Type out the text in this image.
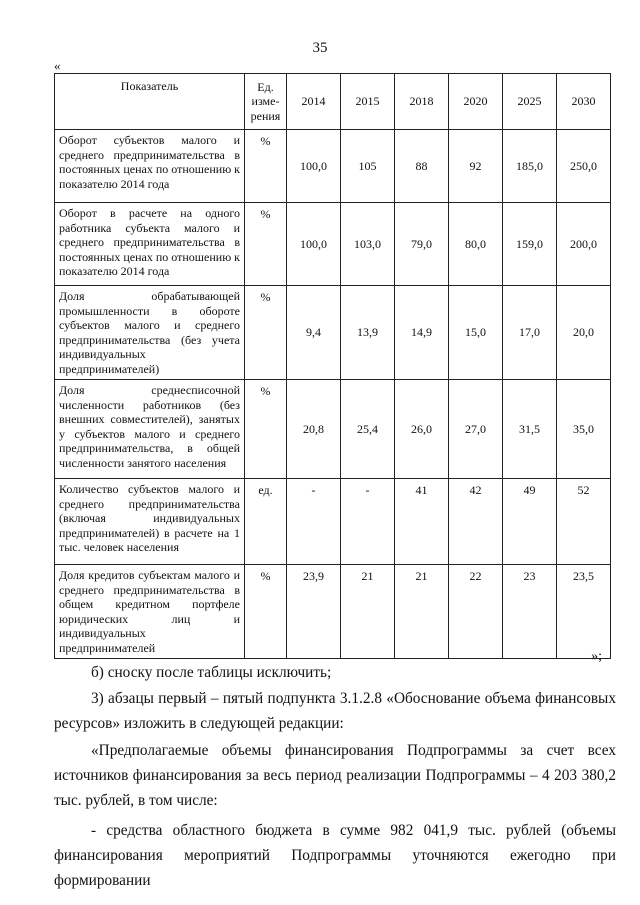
35
«
Показатель	Ед. изме-рения	2014	2015	2018	2020	2025	2030
Оборот субъектов малого и среднего предпринимательства в постоянных ценах по отношению к показателю 2014 года	%	100,0	105	88	92	185,0	250,0
Оборот в расчете на одного работника субъекта малого и среднего предпринимательства в постоянных ценах по отношению к показателю 2014 года	%	100,0	103,0	79,0	80,0	159,0	200,0
Доля обрабатывающей промышленности в обороте субъектов малого и среднего предпринимательства (без учета индивидуальных предпринимателей)	%	9,4	13,9	14,9	15,0	17,0	20,0
Доля среднесписочной численности работников (без внешних совместителей), занятых у субъектов малого и среднего предпринимательства, в общей численности занятого населения	%	20,8	25,4	26,0	27,0	31,5	35,0
Количество субъектов малого и среднего предпринимательства (включая индивидуальных предпринимателей) в расчете на 1 тыс. человек населения	ед.	-	-	41	42	49	52
Доля кредитов субъектам малого и среднего предпринимательства в общем кредитном портфеле юридических лиц и индивидуальных предпринимателей	%	23,9	21	21	22	23	23,5
»;

б) сноску после таблицы исключить;

3) абзацы первый – пятый подпункта 3.1.2.8 «Обоснование объема финансовых ресурсов» изложить в следующей редакции:

«Предполагаемые объемы финансирования Подпрограммы за счет всех источников финансирования за весь период реализации Подпрограммы – 4 203 380,2 тыс. рублей, в том числе:

- средства областного бюджета в сумме 982 041,9 тыс. рублей (объемы финансирования мероприятий Подпрограммы уточняются ежегодно при формировании
